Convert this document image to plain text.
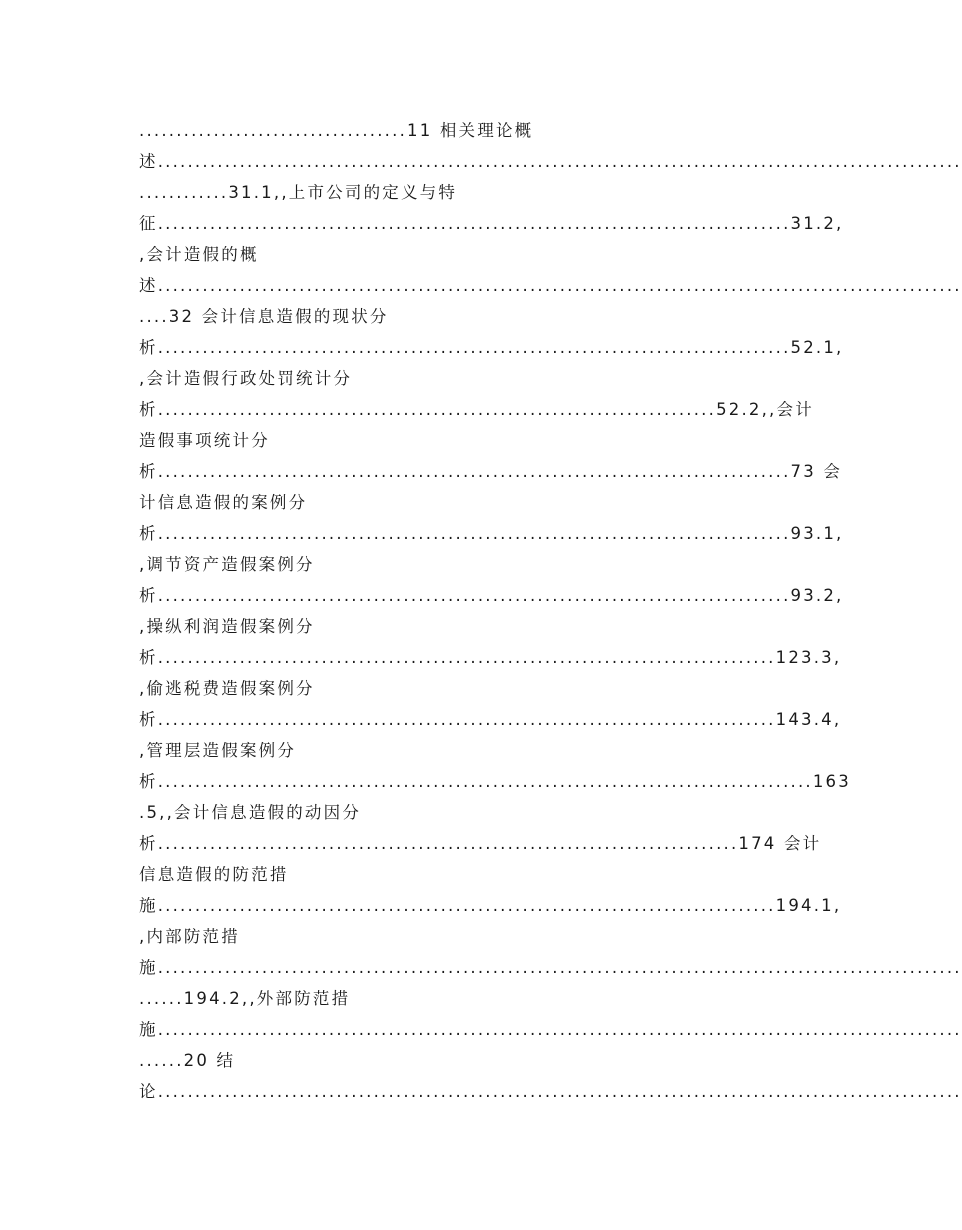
....................................11 相关理论概
述............................................................................................................
............31.1,,上市公司的定义与特
征.....................................................................................31.2,
,会计造假的概
述............................................................................................................
....32 会计信息造假的现状分
析.....................................................................................52.1,
,会计造假行政处罚统计分
析...........................................................................52.2,,会计
造假事项统计分
析.....................................................................................73 会
计信息造假的案例分
析.....................................................................................93.1,
,调节资产造假案例分
析.....................................................................................93.2,
,操纵利润造假案例分
析...................................................................................123.3,
,偷逃税费造假案例分
析...................................................................................143.4,
,管理层造假案例分
析........................................................................................163
.5,,会计信息造假的动因分
析..............................................................................174 会计
信息造假的防范措
施...................................................................................194.1,
,内部防范措
施............................................................................................................
......194.2,,外部防范措
施............................................................................................................
......20 结
论............................................................................................................
